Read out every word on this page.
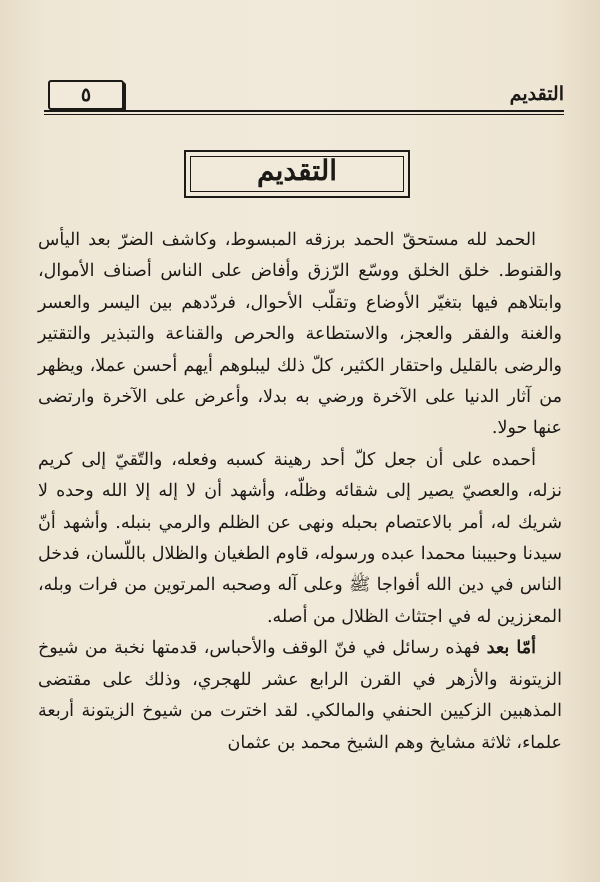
٥	التقديم
التقديم

الحمد لله مستحقّ الحمد برزقه المبسوط، وكاشف الضرّ بعد اليأس والقنوط. خلق الخلق ووسّع الرّزق وأفاض على الناس أصناف الأموال، وابتلاهم فيها بتغيّر الأوضاع وتقلّب الأحوال، فردّدهم بين اليسر والعسر والغنة والفقر والعجز، والاستطاعة والحرص والقناعة والتبذير والتقتير والرضى بالقليل واحتقار الكثير، كلّ ذلك ليبلوهم أيهم أحسن عملا، ويظهر من آثار الدنيا على الآخرة ورضي به بدلا، وأعرض على الآخرة وارتضى عنها حولا.

أحمده على أن جعل كلّ أحد رهينة كسبه وفعله، والتّقيّ إلى كريم نزله، والعصيّ يصير إلى شقائه وظلّه، وأشهد أن لا إله إلا الله وحده لا شريك له، أمر بالاعتصام بحبله ونهى عن الظلم والرمي بنبله. وأشهد أنّ سيدنا وحبيبنا محمدا عبده ورسوله، قاوم الطغيان والظلال باللّسان، فدخل الناس في دين الله أفواجا ﷺ وعلى آله وصحبه المرتوين من فرات وبله، المعززين له في اجتثاث الظلال من أصله.

أمّا بعد فهذه رسائل في فنّ الوقف والأحباس، قدمتها نخبة من شيوخ الزيتونة والأزهر في القرن الرابع عشر للهجري، وذلك على مقتضى المذهبين الزكيين الحنفي والمالكي. لقد اخترت من شيوخ الزيتونة أربعة علماء، ثلاثة مشايخ وهم الشيخ محمد بن عثمان
